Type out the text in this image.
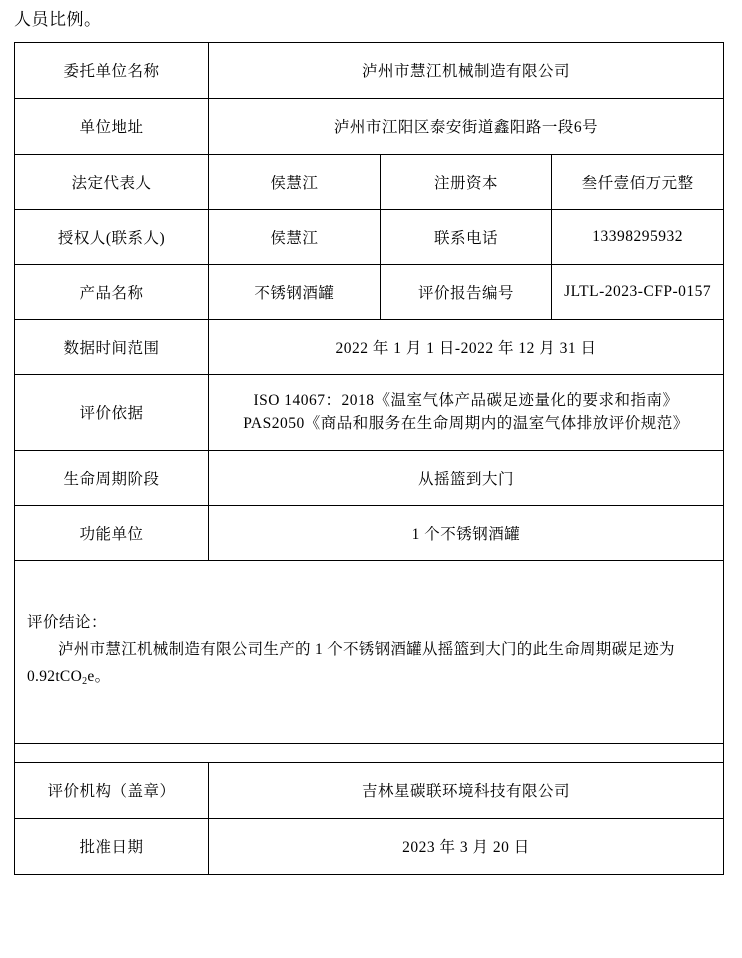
人员比例。
委托单位名称	泸州市慧江机械制造有限公司		
单位地址	泸州市江阳区泰安街道鑫阳路一段6号		
法定代表人	侯慧江	注册资本	叁仟壹佰万元整
授权人(联系人)	侯慧江	联系电话	13398295932
产品名称	不锈钢酒罐	评价报告编号	JLTL-2023-CFP-0157
数据时间范围	2022 年 1 月 1 日-2022 年 12 月 31 日		
评价依据	ISO 14067：2018《温室气体产品碳足迹量化的要求和指南》
PAS2050《商品和服务在生命周期内的温室气体排放评价规范》		

生命周期阶段	从摇篮到大门		
功能单位	1 个不锈钢酒罐		

评价结论：
泸州市慧江机械制造有限公司生产的 1 个不锈钢酒罐从摇篮到大门的此生命周期碳足迹为 0.92tCO$_2$e。			

评价机构（盖章）	吉林星碳联环境科技有限公司		
批准日期	2023 年 3 月 20 日		
